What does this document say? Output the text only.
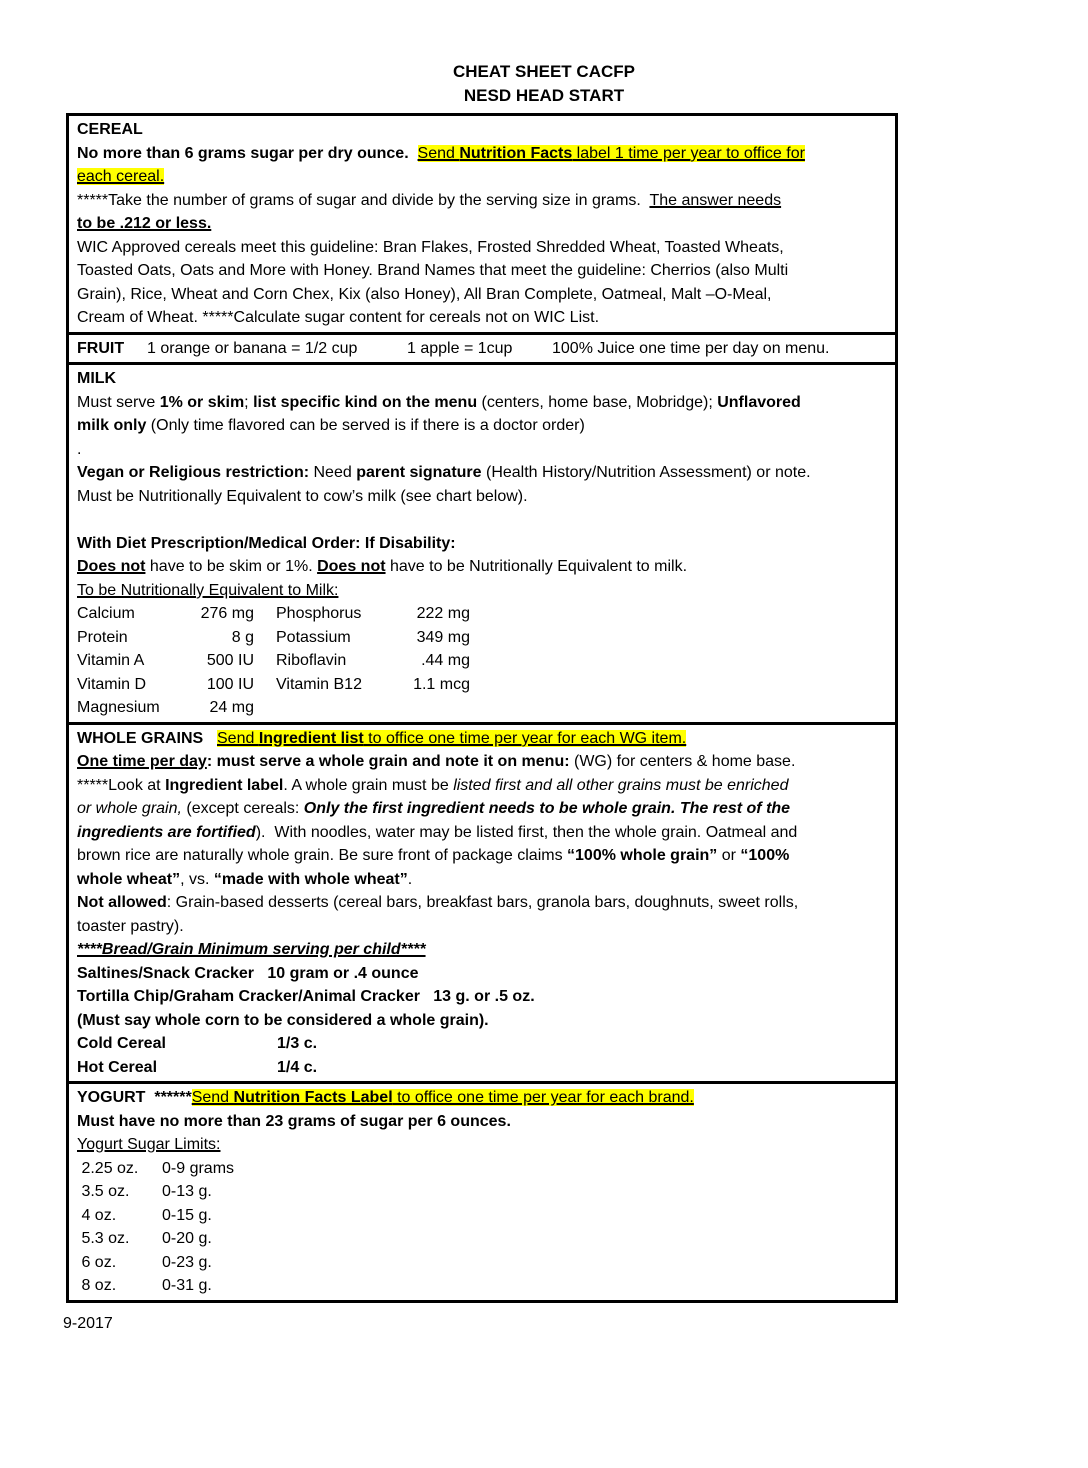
CHEAT SHEET CACFP
NESD HEAD START
CEREAL
No more than 6 grams sugar per dry ounce. Send Nutrition Facts label 1 time per year to office for
each cereal.
*****Take the number of grams of sugar and divide by the serving size in grams.  The answer needs
to be .212 or less.
WIC Approved cereals meet this guideline: Bran Flakes, Frosted Shredded Wheat, Toasted Wheats,
Toasted Oats, Oats and More with Honey. Brand Names that meet the guideline: Cherrios (also Multi
Grain), Rice, Wheat and Corn Chex, Kix (also Honey), All Bran Complete, Oatmeal, Malt –O-Meal,
Cream of Wheat. *****Calculate sugar content for cereals not on WIC List.
FRUIT 1 orange or banana = 1/2 cup	1 apple = 1cup 100% Juice one time per day on menu.
MILK
Must serve 1% or skim; list specific kind on the menu (centers, home base, Mobridge); Unflavored
milk only (Only time flavored can be served is if there is a doctor order)
.
Vegan or Religious restriction: Need parent signature (Health History/Nutrition Assessment) or note.
Must be Nutritionally Equivalent to cow’s milk (see chart below).

With Diet Prescription/Medical Order: If Disability:
Does not have to be skim or 1%. Does not have to be Nutritionally Equivalent to milk.
To be Nutritionally Equivalent to Milk:
Calcium	276 mg Phosphorus	222 mg
Protein	8 g Potassium	349 mg
Vitamin A	500 IU Riboflavin	.44 mg
Vitamin D	100 IU Vitamin B12	1.1 mcg
Magnesium	24 mg
WHOLE GRAINS Send Ingredient list to office one time per year for each WG item.
One time per day: must serve a whole grain and note it on menu: (WG) for centers & home base.
*****Look at Ingredient label. A whole grain must be listed first and all other grains must be enriched
or whole grain, (except cereals: Only the first ingredient needs to be whole grain. The rest of the
ingredients are fortified).  With noodles, water may be listed first, then the whole grain. Oatmeal and
brown rice are naturally whole grain. Be sure front of package claims “100% whole grain” or “100%
whole wheat”, vs. “made with whole wheat”.
Not allowed: Grain-based desserts (cereal bars, breakfast bars, granola bars, doughnuts, sweet rolls,
toaster pastry).
****Bread/Grain Minimum serving per child****
Saltines/Snack Cracker   10 gram or .4 ounce
Tortilla Chip/Graham Cracker/Animal Cracker   13 g. or .5 oz.
(Must say whole corn to be considered a whole grain).
Cold Cereal	1/3 c.
Hot Cereal	1/4 c.
YOGURT  ******Send Nutrition Facts Label to office one time per year for each brand.
Must have no more than 23 grams of sugar per 6 ounces.
Yogurt Sugar Limits:
2.25 oz. 0-9 grams
3.5 oz. 0-13 g.
4 oz.	0-15 g.
5.3 oz. 0-20 g.
6 oz.	0-23 g.
8 oz.	0-31 g.
9-2017
